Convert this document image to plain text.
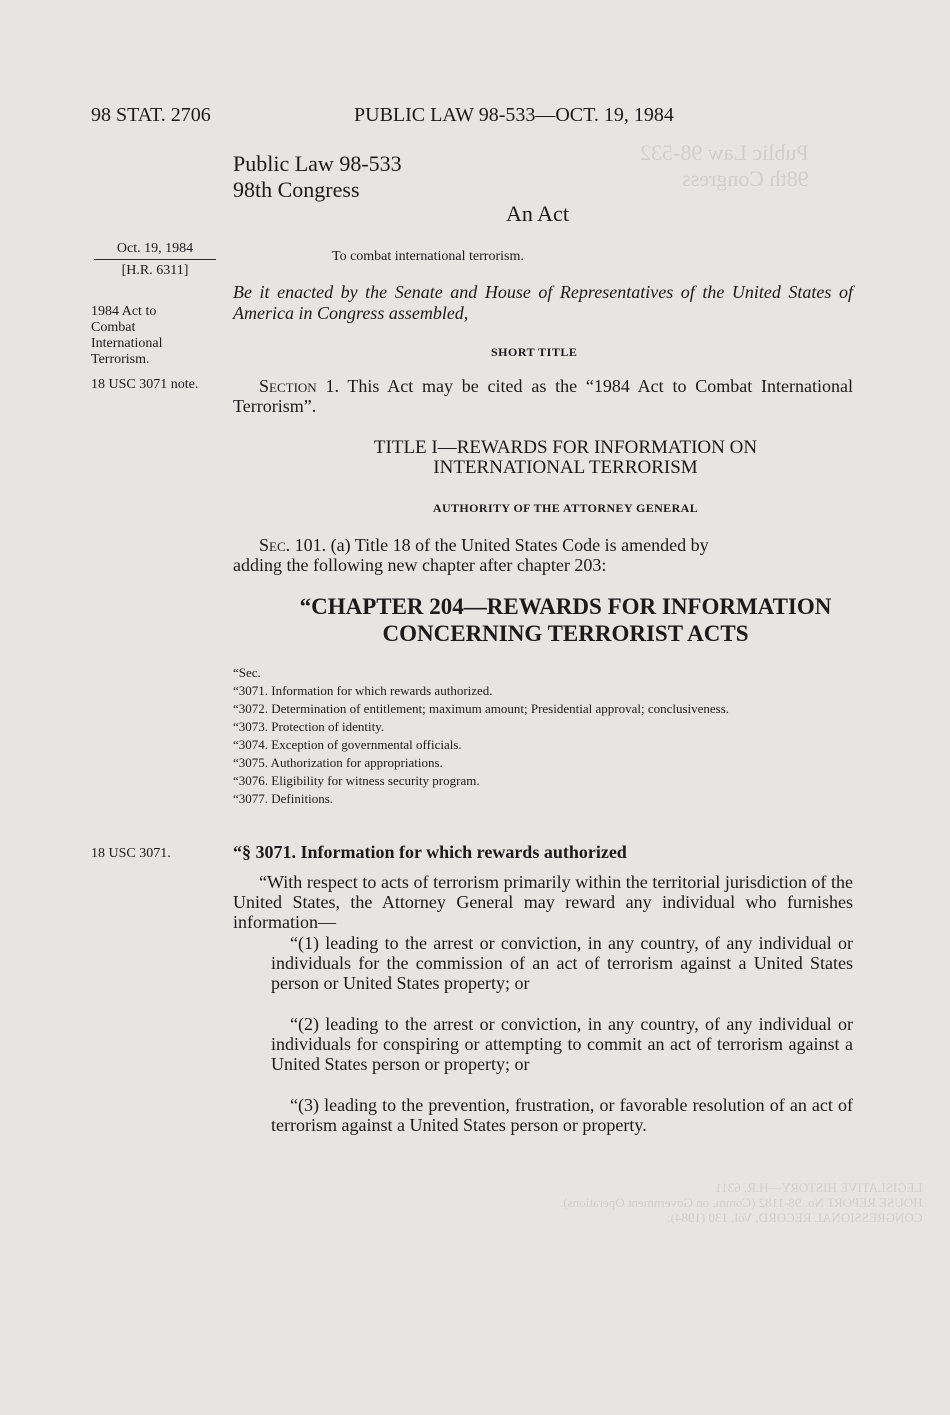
Public Law 98-532
98th Congress
LEGISLATIVE HISTORY—H.R. 6311
HOUSE REPORT No. 98-1182 (Comm. on Government Operations).
CONGRESSIONAL RECORD, Vol. 130 (1984):
98 STAT. 2706	PUBLIC LAW 98-533—OCT. 19, 1984
Public Law 98-533
98th Congress
An Act
Oct. 19, 1984
[H.R. 6311]
To combat international terrorism.
1984 Act to Combat International Terrorism.
18 USC 3071 note.
18 USC 3071.
Be it enacted by the Senate and House of Representatives of the United States of America in Congress assembled,
SHORT TITLE
Section 1. This Act may be cited as the “1984 Act to Combat International Terrorism”.
TITLE I—REWARDS FOR INFORMATION ON
INTERNATIONAL TERRORISM
AUTHORITY OF THE ATTORNEY GENERAL
Sec. 101. (a) Title 18 of the United States Code is amended by
adding the following new chapter after chapter 203:
“CHAPTER 204—REWARDS FOR INFORMATION
CONCERNING TERRORIST ACTS
“Sec.
“3071. Information for which rewards authorized.
“3072. Determination of entitlement; maximum amount; Presidential approval; conclusiveness.
“3073. Protection of identity.
“3074. Exception of governmental officials.
“3075. Authorization for appropriations.
“3076. Eligibility for witness security program.
“3077. Definitions.
“§ 3071. Information for which rewards authorized
“With respect to acts of terrorism primarily within the territorial jurisdiction of the United States, the Attorney General may reward any individual who furnishes information—
“(1) leading to the arrest or conviction, in any country, of any individual or individuals for the commission of an act of terrorism against a United States person or United States property; or
“(2) leading to the arrest or conviction, in any country, of any individual or individuals for conspiring or attempting to commit an act of terrorism against a United States person or property; or
“(3) leading to the prevention, frustration, or favorable resolution of an act of terrorism against a United States person or property.
